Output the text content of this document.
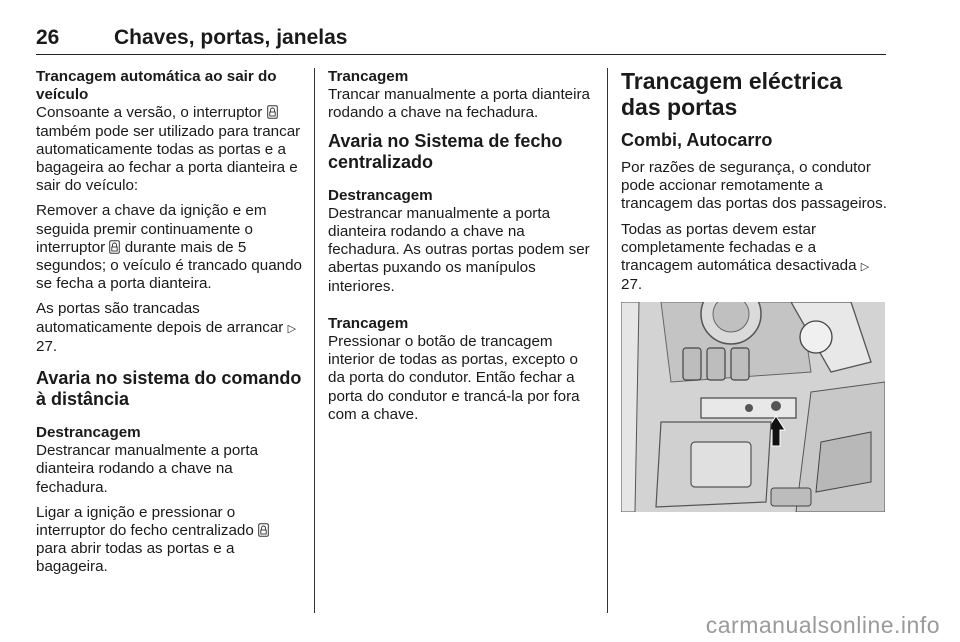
26	Chaves, portas, janelas

Trancagem automática ao sair do veículo

Consoante a versão, o interruptor  também pode ser utilizado para trancar automaticamente todas as portas e a bagageira ao fechar a porta dianteira e sair do veículo:

Remover a chave da ignição e em seguida premir continuamente o interruptor durante mais de 5 segundos; o veículo é trancado quando se fecha a porta dianteira.

As portas são trancadas automaticamente depois de arrancar ▷ 27.

Avaria no sistema do comando à distância

Destrancagem

Destrancar manualmente a porta dianteira rodando a chave na fechadura.

Ligar a ignição e pressionar o interruptor do fecho centralizado  para abrir todas as portas e a bagageira.

Trancagem

Trancar manualmente a porta dianteira rodando a chave na fechadura.

Avaria no Sistema de fecho centralizado

Destrancagem

Destrancar manualmente a porta dianteira rodando a chave na fechadura. As outras portas podem ser abertas puxando os manípulos interiores.

Trancagem

Pressionar o botão de trancagem interior de todas as portas, excepto o da porta do condutor. Então fechar a porta do condutor e trancá-la por fora com a chave.

Trancagem eléctrica das portas
Combi, Autocarro

Por razões de segurança, o condutor pode accionar remotamente a trancagem das portas dos passageiros.

Todas as portas devem estar completamente fechadas e a trancagem automática desactivada ▷ 27.

carmanualsonline.info
